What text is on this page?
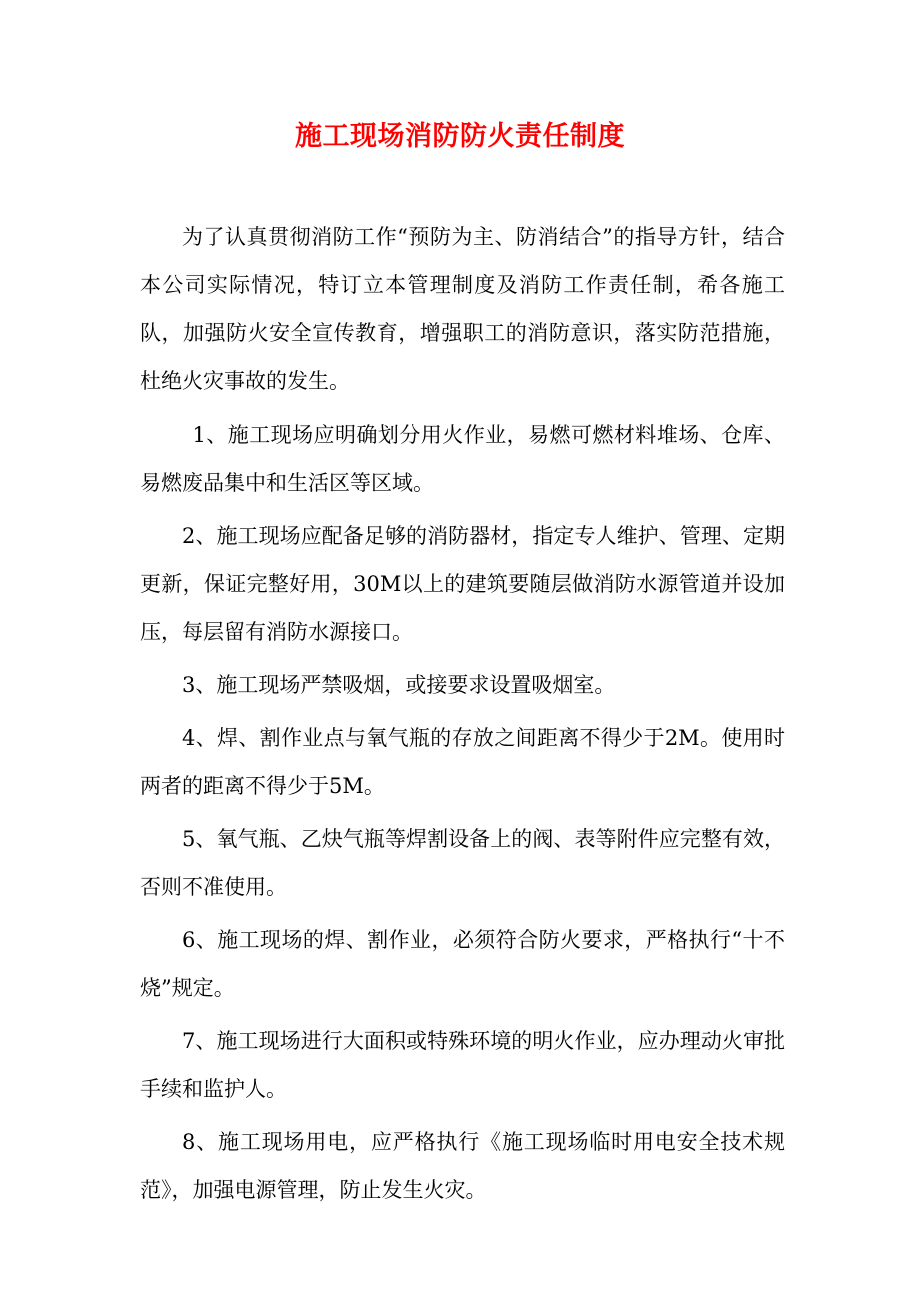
施工现场消防防火责任制度

为了认真贯彻消防工作“预防为主、防消结合”的指导方针，结合本公司实际情况，特订立本管理制度及消防工作责任制，希各施工队，加强防火安全宣传教育，增强职工的消防意识，落实防范措施，杜绝火灾事故的发生。

1、施工现场应明确划分用火作业，易燃可燃材料堆场、仓库、易燃废品集中和生活区等区域。

2、施工现场应配备足够的消防器材，指定专人维护、管理、定期更新，保证完整好用，30M以上的建筑要随层做消防水源管道并设加压，每层留有消防水源接口。

3、施工现场严禁吸烟，或接要求设置吸烟室。

4、焊、割作业点与氧气瓶的存放之间距离不得少于2M。使用时两者的距离不得少于5M。

5、氧气瓶、乙炔气瓶等焊割设备上的阀、表等附件应完整有效，否则不准使用。

6、施工现场的焊、割作业，必须符合防火要求，严格执行“十不烧”规定。

7、施工现场进行大面积或特殊环境的明火作业，应办理动火审批手续和监护人。

8、施工现场用电，应严格执行《施工现场临时用电安全技术规范》，加强电源管理，防止发生火灾。
